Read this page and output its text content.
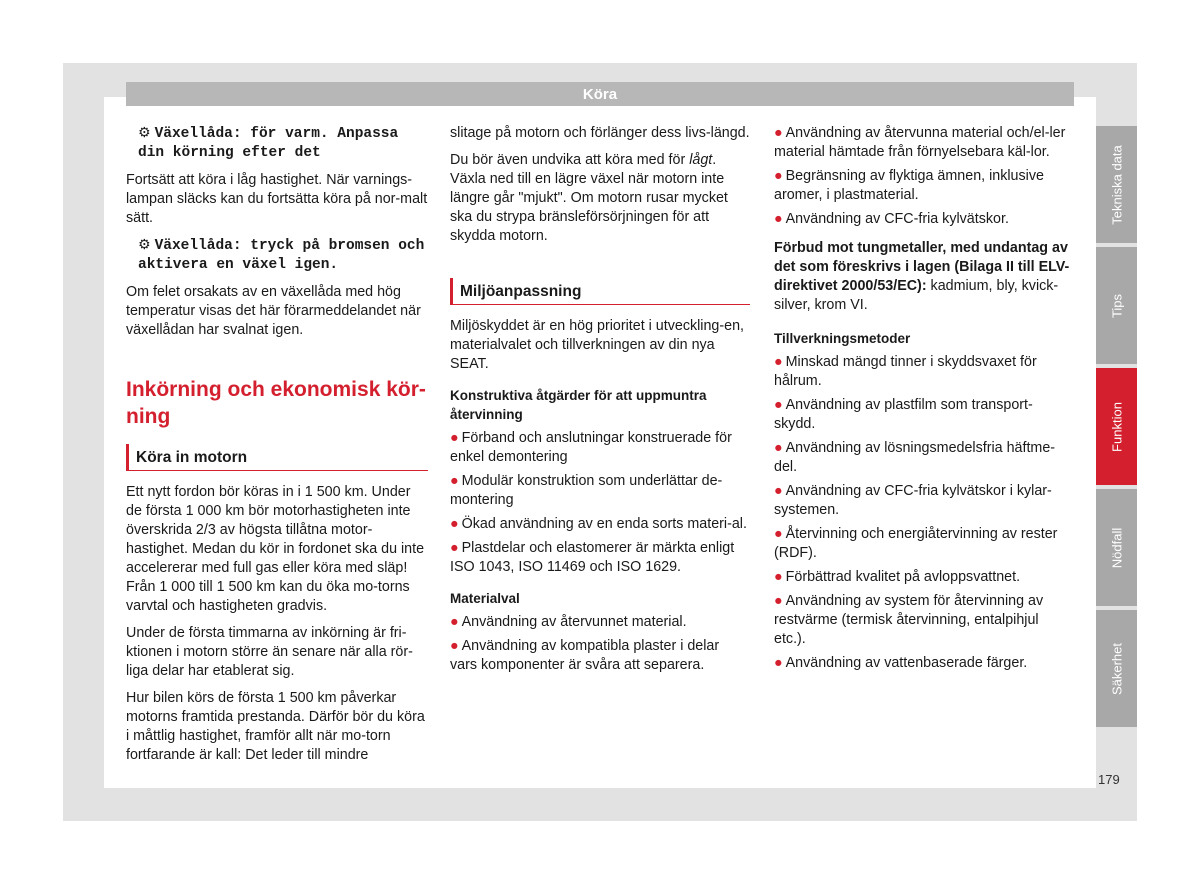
Köra
⚙ Växellåda: för varm. Anpassa din körning efter det

Fortsätt att köra i låg hastighet. När varnings-lampan släcks kan du fortsätta köra på nor-malt sätt.

⚙ Växellåda: tryck på bromsen och aktivera en växel igen.

Om felet orsakats av en växellåda med hög temperatur visas det här förarmeddelandet när växellådan har svalnat igen.

Inkörning och ekonomisk kör-ning
Köra in motorn

Ett nytt fordon bör köras in i 1 500 km. Under de första 1 000 km bör motorhastigheten inte överskrida 2/3 av högsta tillåtna motor-hastighet. Medan du kör in fordonet ska du inte accelererar med full gas eller köra med släp! Från 1 000 till 1 500 km kan du öka mo-torns varvtal och hastigheten gradvis.

Under de första timmarna av inkörning är fri-ktionen i motorn större än senare när alla rör-liga delar har etablerat sig.

Hur bilen körs de första 1 500 km påverkar motorns framtida prestanda. Därför bör du köra i måttlig hastighet, framför allt när mo-torn fortfarande är kall: Det leder till mindre

slitage på motorn och förlänger dess livs-längd.

Du bör även undvika att köra med för lågt. Växla ned till en lägre växel när motorn inte längre går "mjukt". Om motorn rusar mycket ska du strypa bränsleförsörjningen för att skydda motorn.

Miljöanpassning

Miljöskyddet är en hög prioritet i utveckling-en, materialvalet och tillverkningen av din nya SEAT.

Konstruktiva åtgärder för att uppmuntra återvinning
● Förband och anslutningar konstruerade för enkel demontering
● Modulär konstruktion som underlättar de-montering
● Ökad användning av en enda sorts materi-al.
● Plastdelar och elastomerer är märkta enligt ISO 1043, ISO 11469 och ISO 1629.
Materialval
● Användning av återvunnet material.
● Användning av kompatibla plaster i delar vars komponenter är svåra att separera.
● Användning av återvunna material och/el-ler material hämtade från förnyelsebara käl-lor.
● Begränsning av flyktiga ämnen, inklusive aromer, i plastmaterial.
● Användning av CFC-fria kylvätskor.

Förbud mot tungmetaller, med undantag av det som föreskrivs i lagen (Bilaga II till ELV-direktivet 2000/53/EC): kadmium, bly, kvick-silver, krom VI.

Tillverkningsmetoder
● Minskad mängd tinner i skyddsvaxet för hålrum.
● Användning av plastfilm som transport-skydd.
● Användning av lösningsmedelsfria häftme-del.
● Användning av CFC-fria kylvätskor i kylar-systemen.
● Återvinning och energiåtervinning av rester (RDF).
● Förbättrad kvalitet på avloppsvattnet.
● Användning av system för återvinning av restvärme (termisk återvinning, entalpihjul etc.).
● Användning av vattenbaserade färger.
Tekniska data
Tips
Funktion
Nödfall
Säkerhet
179
